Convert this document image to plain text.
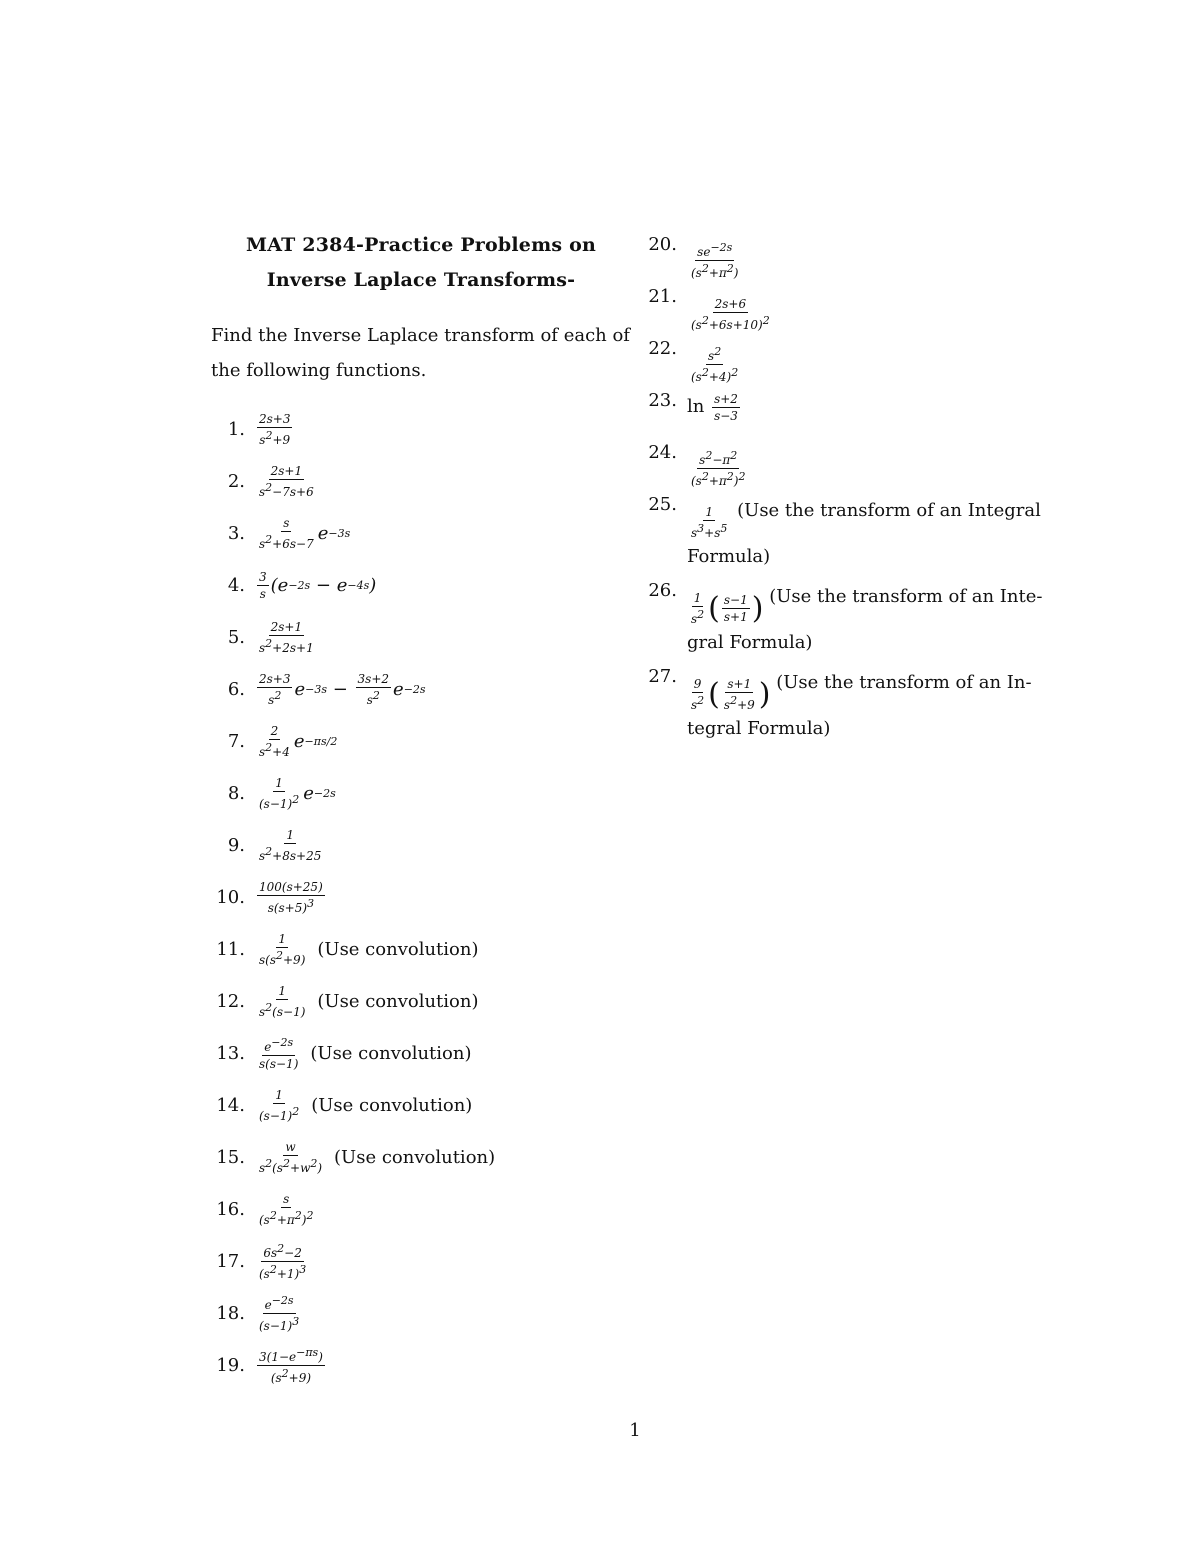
MAT 2384-Practice Problems on
Inverse Laplace Transforms-
Find the Inverse Laplace transform of each of the following functions.
1. $\frac{2s+3}{s2+9}$
2. $\frac{2s+1}{s2-7s+6}$
3. $\frac{s}{s2+6s-7}$ e −3s
4. $\frac{3}{s} (e -2s - e -4s$ )
5. $\frac{2s+1}{s2+2s+1}$
6. $\frac{2s+3}{s2}$ $e -3s - \frac{3s+2}{s2}$ e −2s
7. $\frac{2}{s2+4}$ e −πs/2
8. $\frac{1}{(s-1)2}$ e −2s
9. $\frac{1}{s2+8s+25}$
10. $\frac{100(s+25)}{s(s+5)3}$
11. $\frac{1}{s(s2+9)} (Use$ convolution)
12. $\frac{1}{s2(s-1)} (Use$ convolution)
13. $\frac{e-2s}{s(s-1)} (Use$ convolution)
14. $\frac{1}{(s-1)2} (Use$ convolution)
15. $\frac{w}{s2(s2+w2)} (Use$ convolution)
16. $\frac{s}{(s2+\pi 2)2}$
17. $\frac{6s2-2}{(s2+1)3}$
18. $\frac{e-2s}{(s-1)3}$
19. $\frac{3(1-e-\pi s)}{(s2+9)}$
20. $\frac{se-2s}{(s2+\pi 2)}$
21.
$\frac{2s+6}{(s2+6s+10)2}$
22. $\frac{s2}{(s2+4)2}$
23. $\ln \frac{s+2}{s-3}$
24. $\frac{s2-\pi 2}{(s2+\pi 2)2}$
25.
$\frac{1}{s3+s5} (Use$ the transform of an Integral Formula)
26.
$\frac{1}{s2}$ ( $\frac{s-1}{s+1}$ ) (Use the transform of an Inte-gral Formula)
27.
$\frac{9}{s2}$ ( $\frac{s+1}{s2+9}$ ) (Use the transform of an In-tegral Formula)
1
